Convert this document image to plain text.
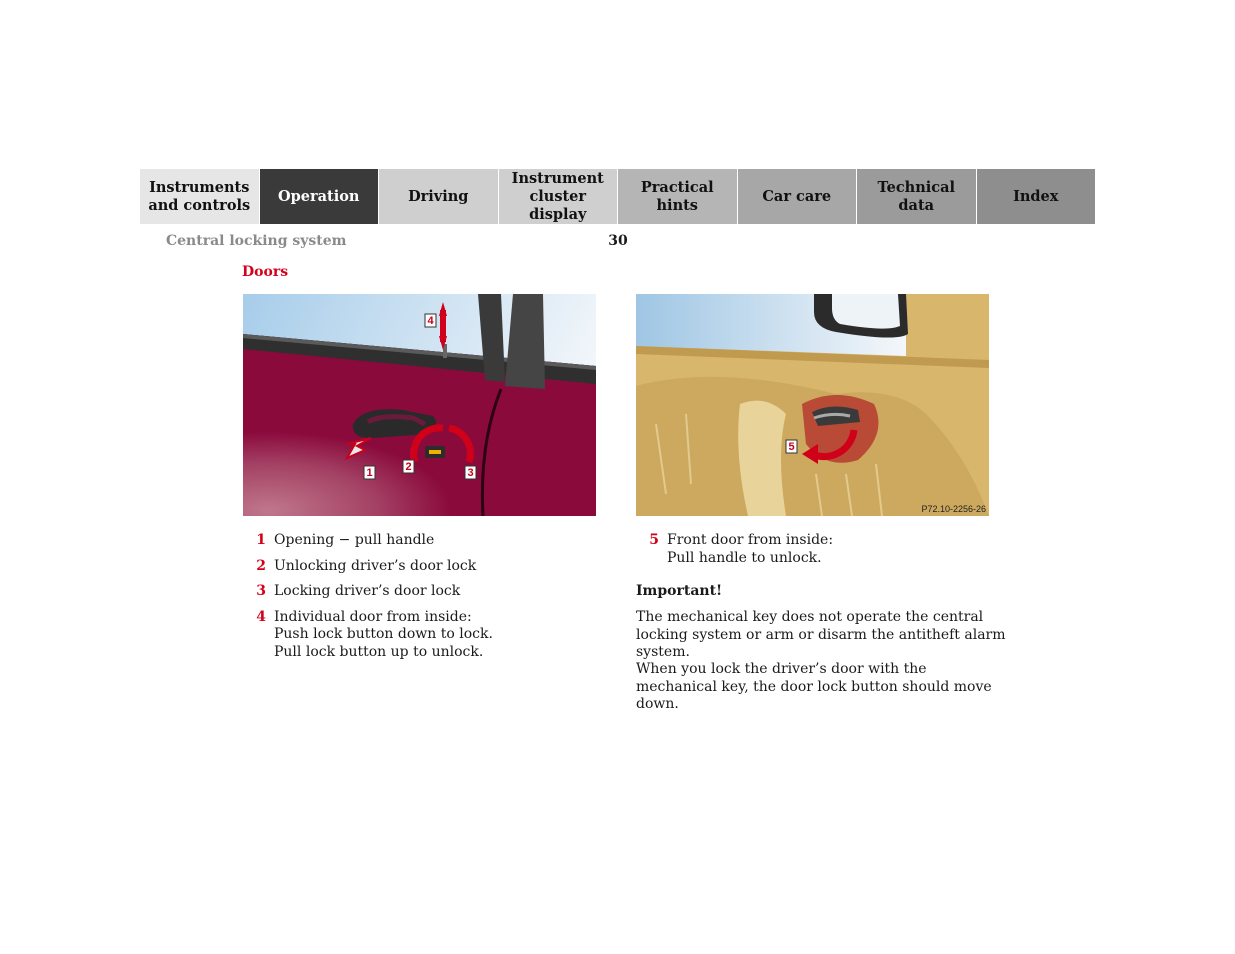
Instruments
and controls
Operation	Driving
Instrument
cluster display
Practical hints
Car care
Technical
data
Index
Central locking system	30
Doors
1	2	3
4
5
P72.10-2256-26
1 Opening − pull handle
2 Unlocking driver’s door lock
3 Locking driver’s door lock
4 Individual door from inside:
Push lock button down to lock.
Pull lock button up to unlock.
5 Front door from inside:
Pull handle to unlock.
Important!

The mechanical key does not operate the central locking system or arm or disarm the antitheft alarm system.

When you lock the driver’s door with the mechanical key, the door lock button should move down.
